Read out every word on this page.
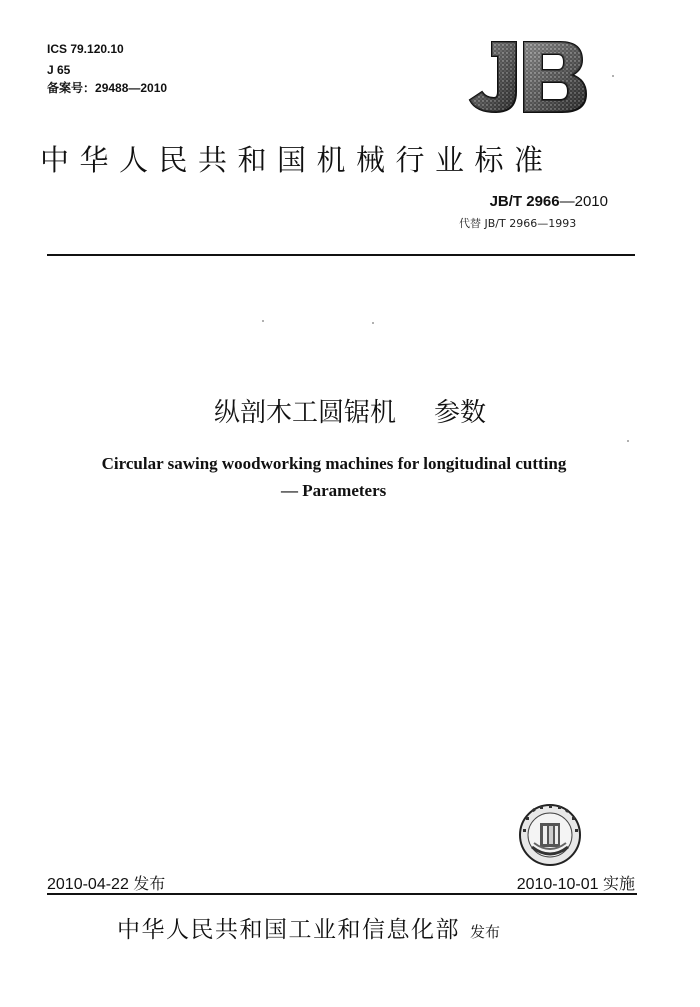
ICS 79.120.10
J 65
备案号：29488—2010
中华人民共和国机械行业标准
JB/T 2966—2010
代替 JB/T 2966—1993
纵剖木工圆锯机 参数
Circular sawing woodworking machines for longitudinal cutting
— Parameters
2010-04-22 发布	2010-10-01 实施
中华人民共和国工业和信息化部 发布
